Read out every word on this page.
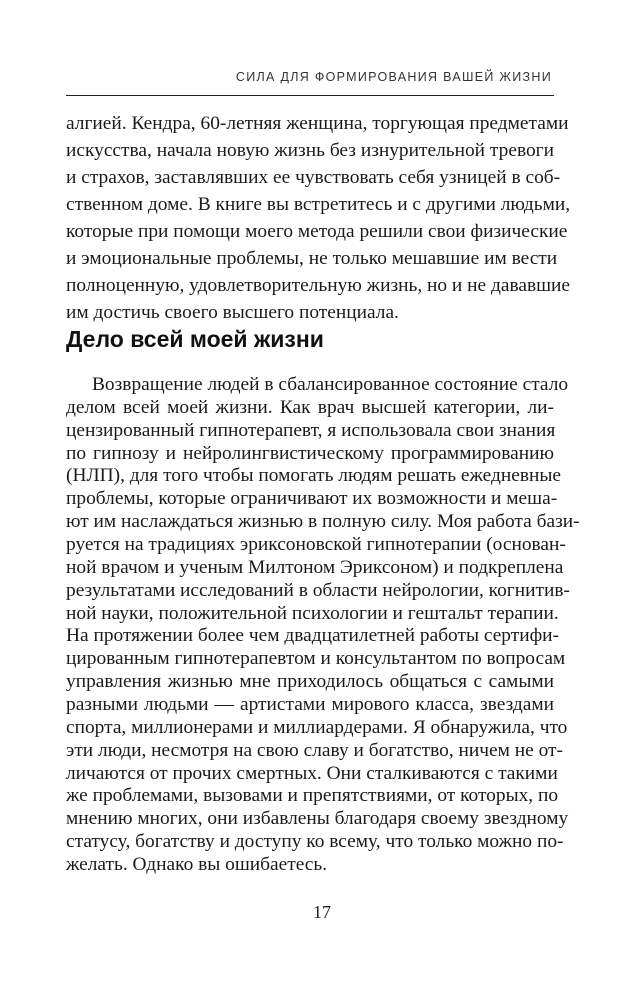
СИЛА ДЛЯ ФОРМИРОВАНИЯ ВАШЕЙ ЖИЗНИ
алгией. Кендра, 60-летняя женщина, торгующая предметами
искусства, начала новую жизнь без изнурительной тревоги
и страхов, заставлявших ее чувствовать себя узницей в соб-
ственном доме. В книге вы встретитесь и с другими людьми,
которые при помощи моего метода решили свои физические
и эмоциональные проблемы, не только мешавшие им вести
полноценную, удовлетворительную жизнь, но и не дававшие
им достичь своего высшего потенциала.
Дело всей моей жизни
Возвращение людей в сбалансированное состояние стало
делом всей моей жизни. Как врач высшей категории, ли-
цензированный гипнотерапевт, я использовала свои знания
по гипнозу и нейролингвистическому программированию
(НЛП), для того чтобы помогать людям решать ежедневные
проблемы, которые ограничивают их возможности и меша-
ют им наслаждаться жизнью в полную силу. Моя работа бази-
руется на традициях эриксоновской гипнотерапии (основан-
ной врачом и ученым Милтоном Эриксоном) и подкреплена
результатами исследований в области нейрологии, когнитив-
ной науки, положительной психологии и гештальт терапии.
На протяжении более чем двадцатилетней работы сертифи-
цированным гипнотерапевтом и консультантом по вопросам
управления жизнью мне приходилось общаться с самыми
разными людьми — артистами мирового класса, звездами
спорта, миллионерами и миллиардерами. Я обнаружила, что
эти люди, несмотря на свою славу и богатство, ничем не от-
личаются от прочих смертных. Они сталкиваются с такими
же проблемами, вызовами и препятствиями, от которых, по
мнению многих, они избавлены благодаря своему звездному
статусу, богатству и доступу ко всему, что только можно по-
желать. Однако вы ошибаетесь.
17
